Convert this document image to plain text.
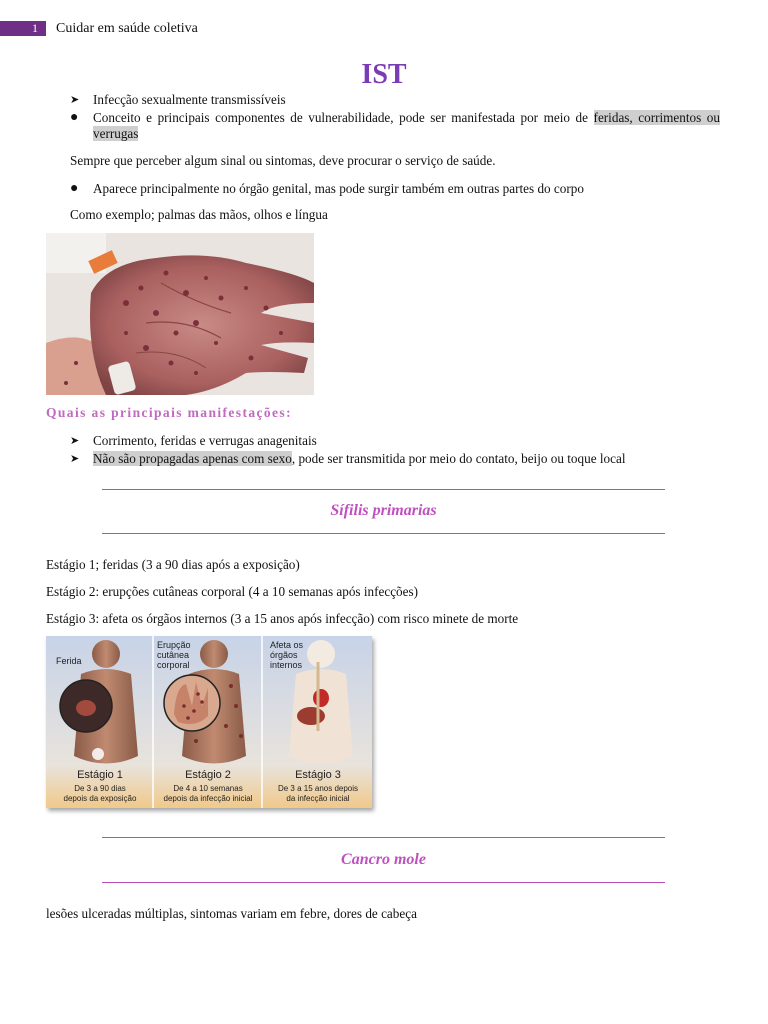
1	Cuidar em saúde coletiva
IST
➤	Infecção sexualmente transmissíveis
●	Conceito e principais componentes de vulnerabilidade, pode ser manifestada por meio de feridas, corrimentos ou verrugas
Sempre que perceber algum sinal ou sintomas, deve procurar o serviço de saúde.
●	Aparece principalmente no órgão genital, mas pode surgir também em outras partes do corpo
Como exemplo; palmas das mãos, olhos e língua
Quais as principais manifestações:
➤	Corrimento, feridas e verrugas anagenitais
➤	Não são propagadas apenas com sexo, pode ser transmitida por meio do contato, beijo ou toque local
Sífilis primarias
Estágio 1; feridas (3 a 90 dias após a exposição)
Estágio 2: erupções cutâneas corporal (4 a 10 semanas após infecções)
Estágio 3: afeta os órgãos internos (3 a 15 anos após infecção) com risco minete de morte
Ferida
Erupção
cutânea
corporal
Afeta os
órgãos
internos
Estágio 1	Estágio 2	Estágio 3
De 3 a 90 dias
depois da exposição
De 4 a 10 semanas
depois da infecção inicial
De 3 a 15 anos depois
da infecção inicial
Cancro mole
lesões ulceradas múltiplas, sintomas variam em febre, dores de cabeça
